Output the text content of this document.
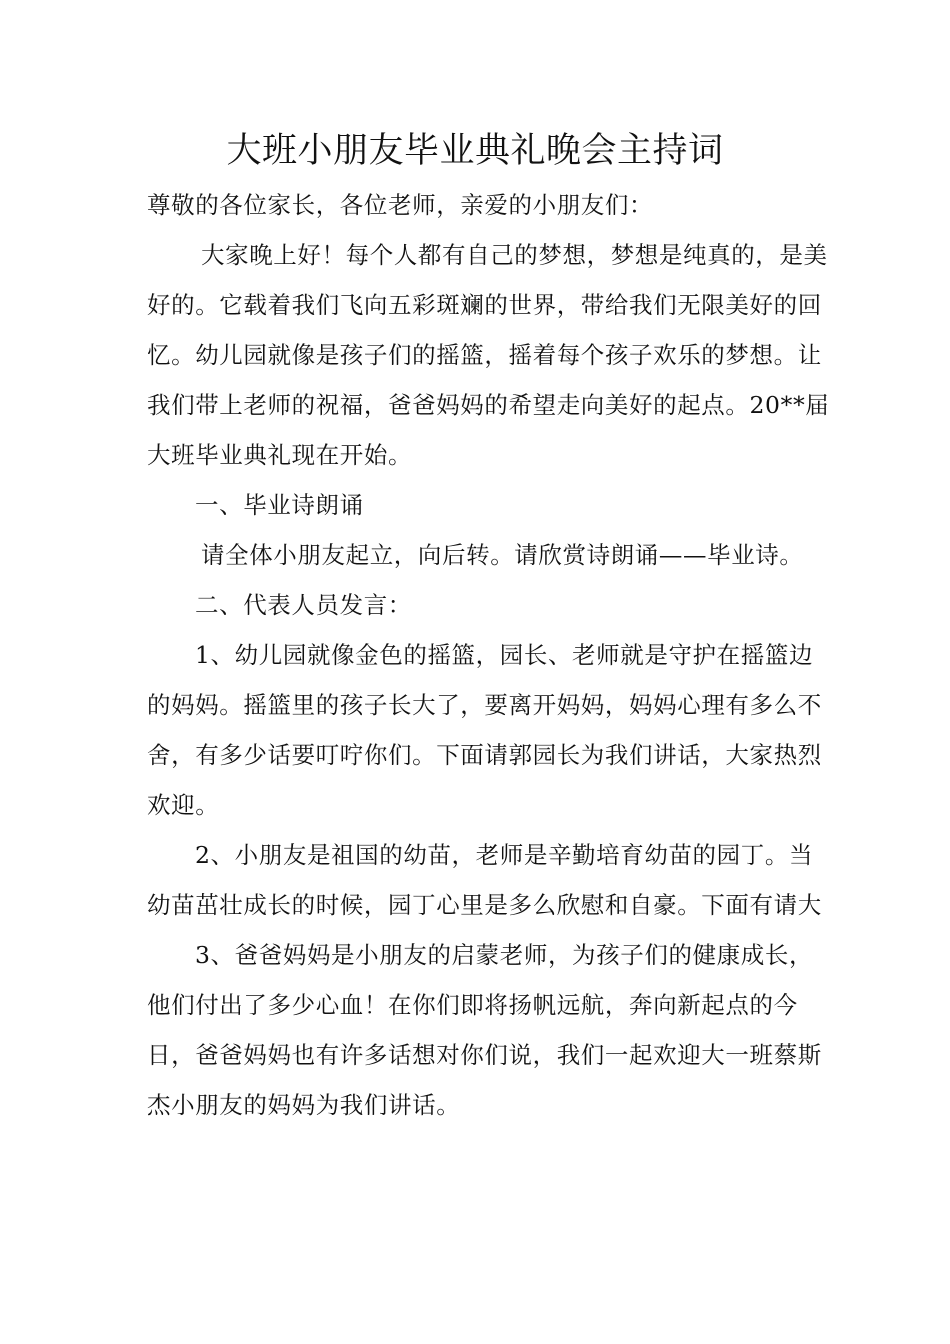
大班小朋友毕业典礼晚会主持词

尊敬的各位家长，各位老师，亲爱的小朋友们：

大家晚上好！每个人都有自己的梦想，梦想是纯真的，是美好的。它载着我们飞向五彩斑斓的世界，带给我们无限美好的回忆。幼儿园就像是孩子们的摇篮，摇着每个孩子欢乐的梦想。让我们带上老师的祝福，爸爸妈妈的希望走向美好的起点。20**届大班毕业典礼现在开始。

一、毕业诗朗诵

请全体小朋友起立，向后转。请欣赏诗朗诵——毕业诗。

二、代表人员发言：

1、幼儿园就像金色的摇篮，园长、老师就是守护在摇篮边的妈妈。摇篮里的孩子长大了，要离开妈妈，妈妈心理有多么不舍，有多少话要叮咛你们。下面请郭园长为我们讲话，大家热烈欢迎。

2、小朋友是祖国的幼苗，老师是辛勤培育幼苗的园丁。当幼苗茁壮成长的时候，园丁心里是多么欣慰和自豪。下面有请大

3、爸爸妈妈是小朋友的启蒙老师，为孩子们的健康成长，他们付出了多少心血！在你们即将扬帆远航，奔向新起点的今日，爸爸妈妈也有许多话想对你们说，我们一起欢迎大一班蔡斯杰小朋友的妈妈为我们讲话。
